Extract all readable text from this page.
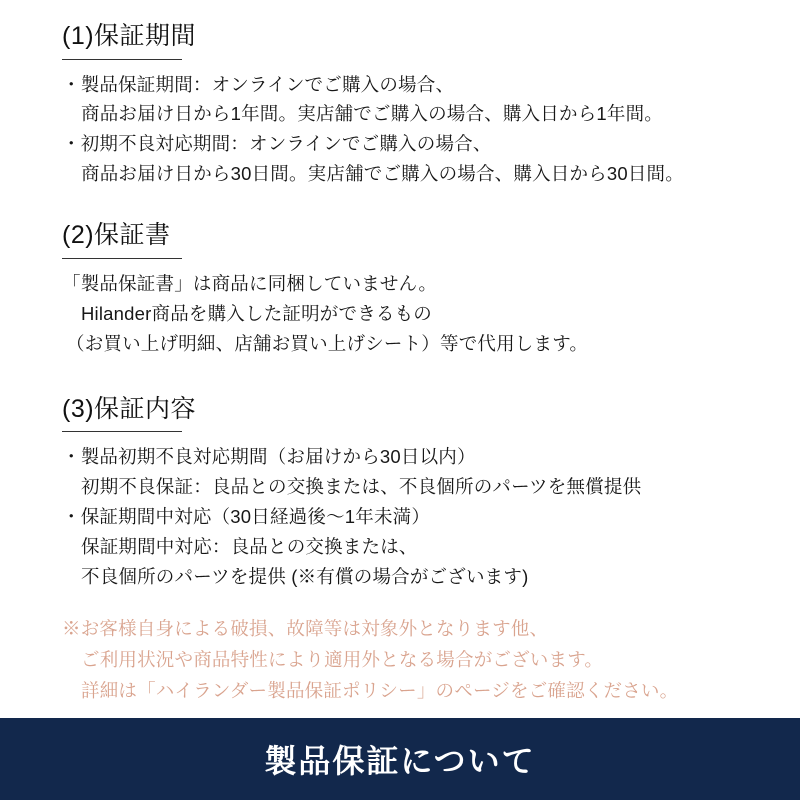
(1)保証期間
・製品保証期間：オンラインでご購入の場合、
商品お届け日から1年間。実店舗でご購入の場合、購入日から1年間。
・初期不良対応期間：オンラインでご購入の場合、
商品お届け日から30日間。実店舗でご購入の場合、購入日から30日間。
(2)保証書
「製品保証書」は商品に同梱していません。
Hilander商品を購入した証明ができるもの
（お買い上げ明細、店舗お買い上げシート）等で代用します。
(3)保証内容
・製品初期不良対応期間（お届けから30日以内）
初期不良保証：良品との交換または、不良個所のパーツを無償提供
・保証期間中対応（30日経過後〜1年未満）
保証期間中対応：良品との交換または、
不良個所のパーツを提供 (※有償の場合がございます)
※お客様自身による破損、故障等は対象外となります他、
ご利用状況や商品特性により適用外となる場合がございます。
詳細は「ハイランダー製品保証ポリシー」のページをご確認ください。
製品保証について
